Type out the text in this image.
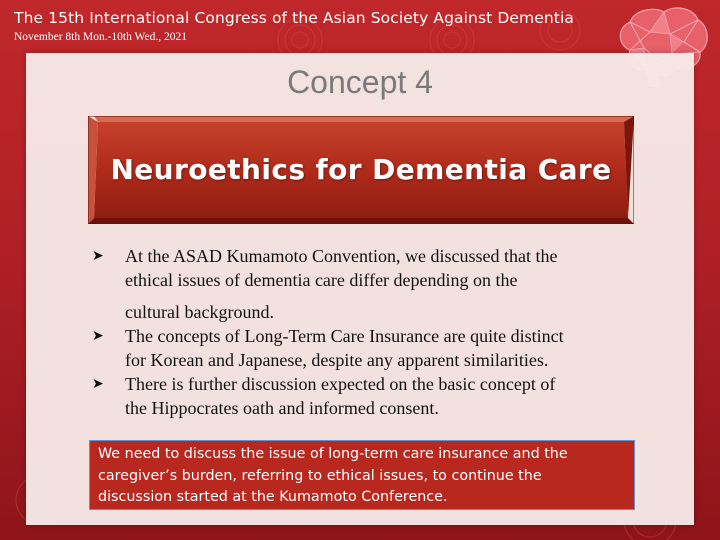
The 15th International Congress of the Asian Society Against Dementia
November 8th Mon.-10th Wed., 2021
Concept 4
Neuroethics for Dementia Care
➤ At the ASAD Kumamoto Convention, we discussed that the
ethical issues of dementia care differ depending on the
cultural background.
➤ The concepts of Long-Term Care Insurance are quite distinct
for Korean and Japanese, despite any apparent similarities.
➤ There is further discussion expected on the basic concept of
the Hippocrates oath and informed consent.
We need to discuss the issue of long-term care insurance and the
caregiver’s burden, referring to ethical issues, to continue the
discussion started at the Kumamoto Conference.
